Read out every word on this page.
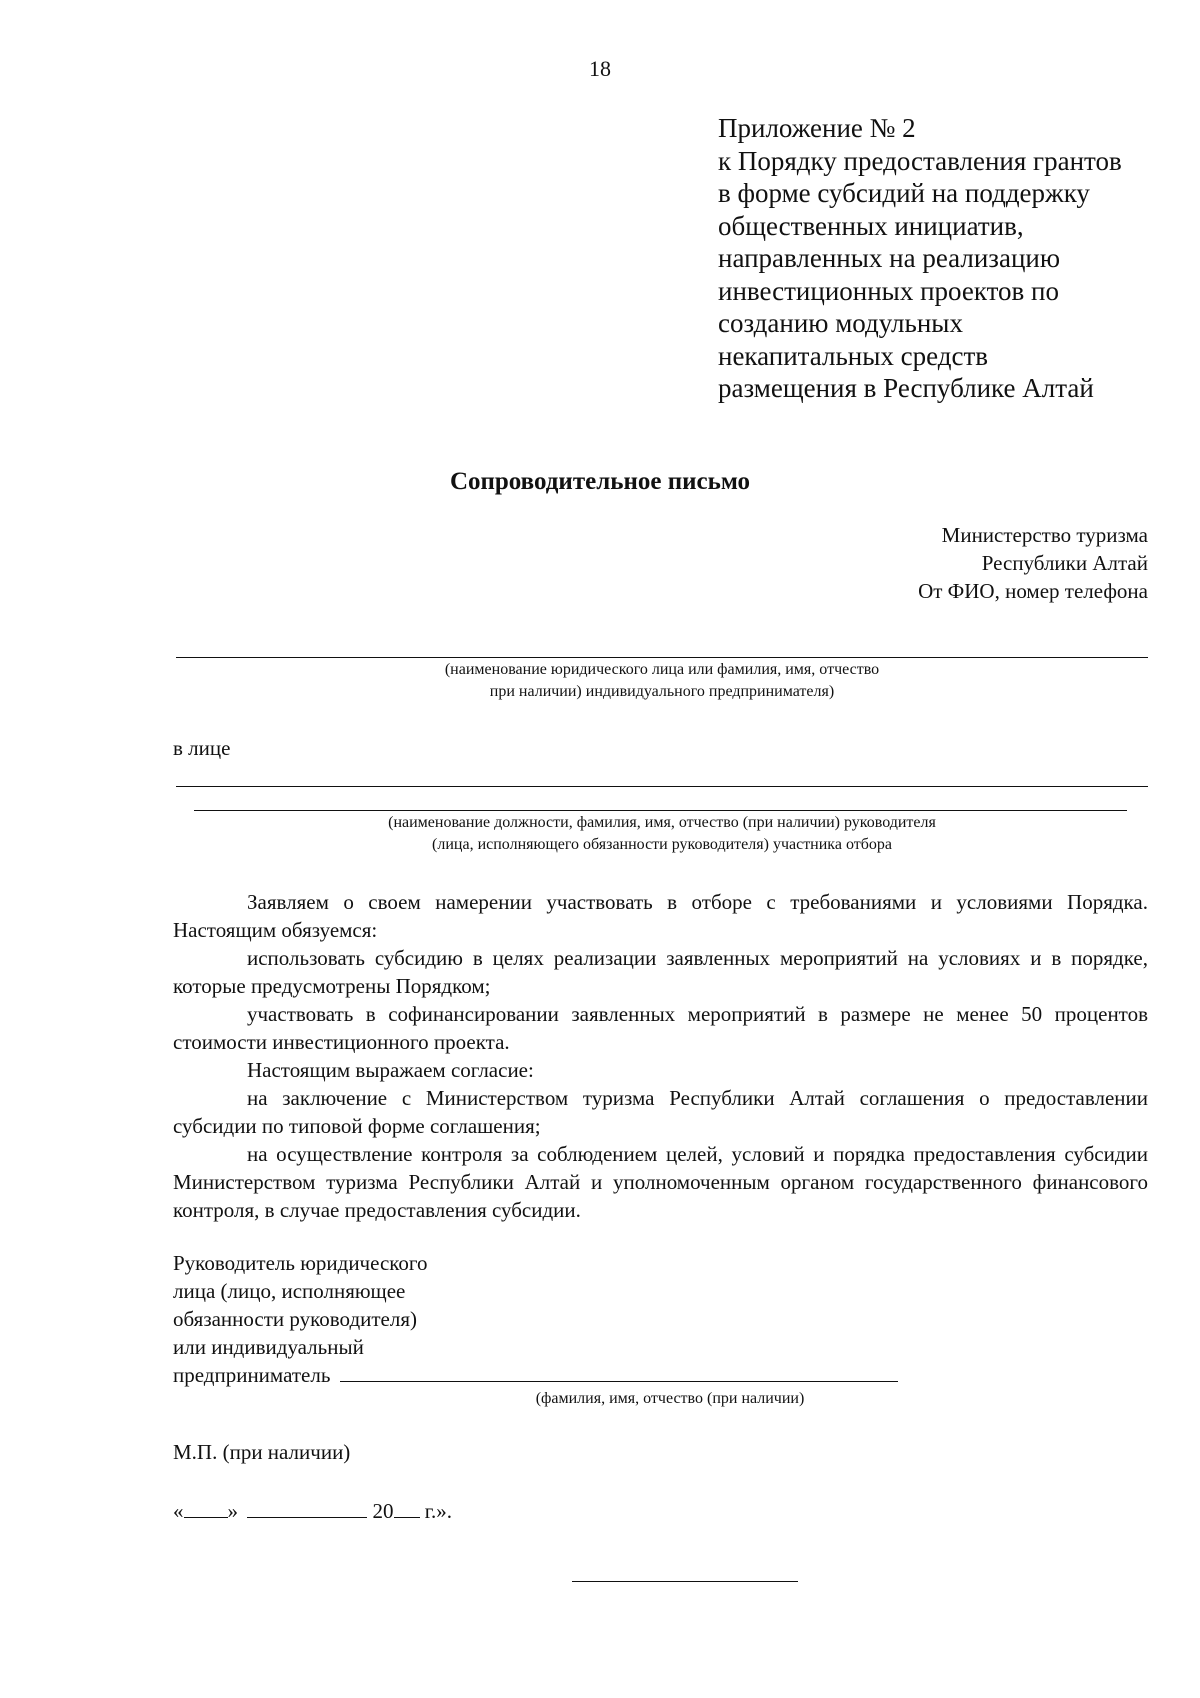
18
Приложение № 2
к Порядку предоставления грантов
в форме субсидий на поддержку
общественных инициатив,
направленных на реализацию
инвестиционных проектов по
созданию модульных
некапитальных средств
размещения в Республике Алтай
Сопроводительное письмо
Министерство туризма
Республики Алтай
От ФИО, номер телефона
(наименование юридического лица или фамилия, имя, отчество
при наличии) индивидуального предпринимателя)
в лице
(наименование должности, фамилия, имя, отчество (при наличии) руководителя
(лица, исполняющего обязанности руководителя) участника отбора

Заявляем о своем намерении участвовать в отборе с требованиями и условиями Порядка. Настоящим обязуемся:

использовать субсидию в целях реализации заявленных мероприятий на условиях и в порядке, которые предусмотрены Порядком;

участвовать в софинансировании заявленных мероприятий в размере не менее 50 процентов стоимости инвестиционного проекта.

Настоящим выражаем согласие:

на заключение с Министерством туризма Республики Алтай соглашения о предоставлении субсидии по типовой форме соглашения;

на осуществление контроля за соблюдением целей, условий и порядка предоставления субсидии Министерством туризма Республики Алтай и уполномоченным органом государственного финансового контроля, в случае предоставления субсидии.

Руководитель юридического
лица (лицо, исполняющее
обязанности руководителя)
или индивидуальный
предприниматель
(фамилия, имя, отчество (при наличии)
М.П. (при наличии)
« »	20 г.».
